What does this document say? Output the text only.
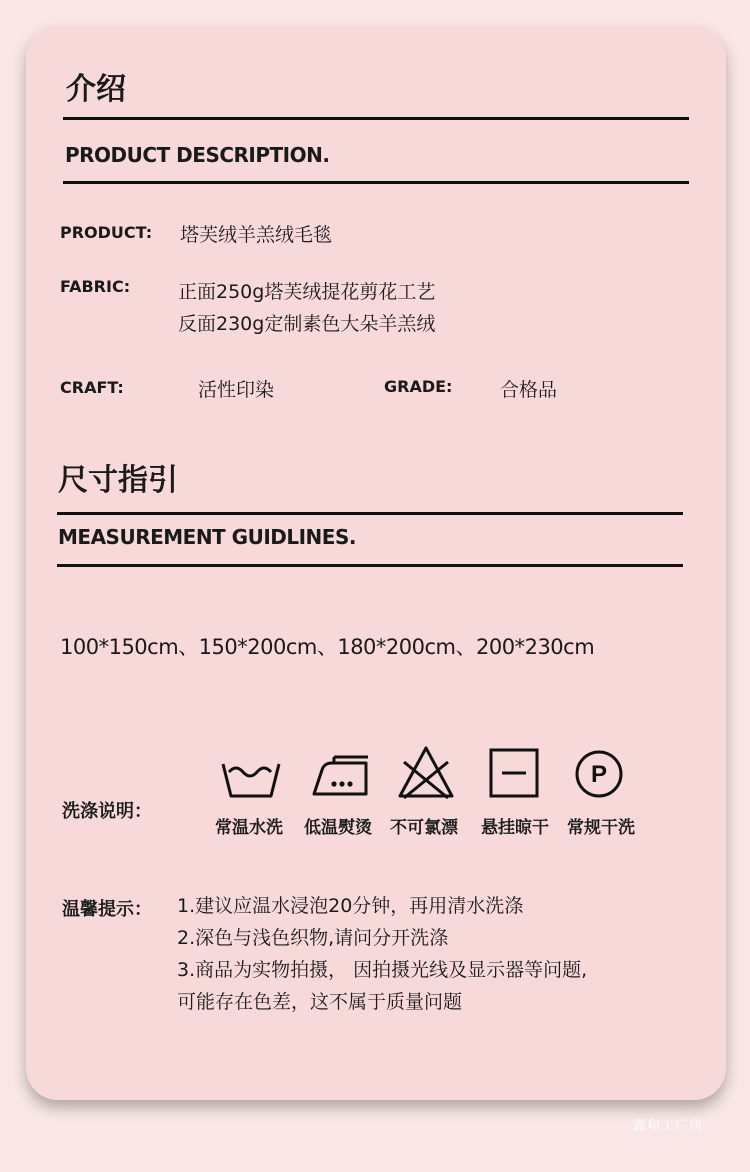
介绍
PRODUCT DESCRIPTION.
PRODUCT: 塔芙绒羊羔绒毛毯
FABRIC:	正面250g塔芙绒提花剪花工艺
反面230g定制素色大朵羊羔绒
CRAFT:	活性印染	GRADE:	合格品
尺寸指引
MEASUREMENT GUIDLINES.
100*150cm、150*200cm、180*200cm、200*230cm
洗涤说明：
P
常温水洗	低温熨烫	不可氯漂	悬挂晾干	常规干洗
温馨提示： 1.建议应温水浸泡20分钟，再用清水洗涤
2.深色与浅色织物,请问分开洗涤
3.商品为实物拍摄， 因拍摄光线及显示器等问题,
可能存在色差，这不属于质量问题
鑫和工厂店
